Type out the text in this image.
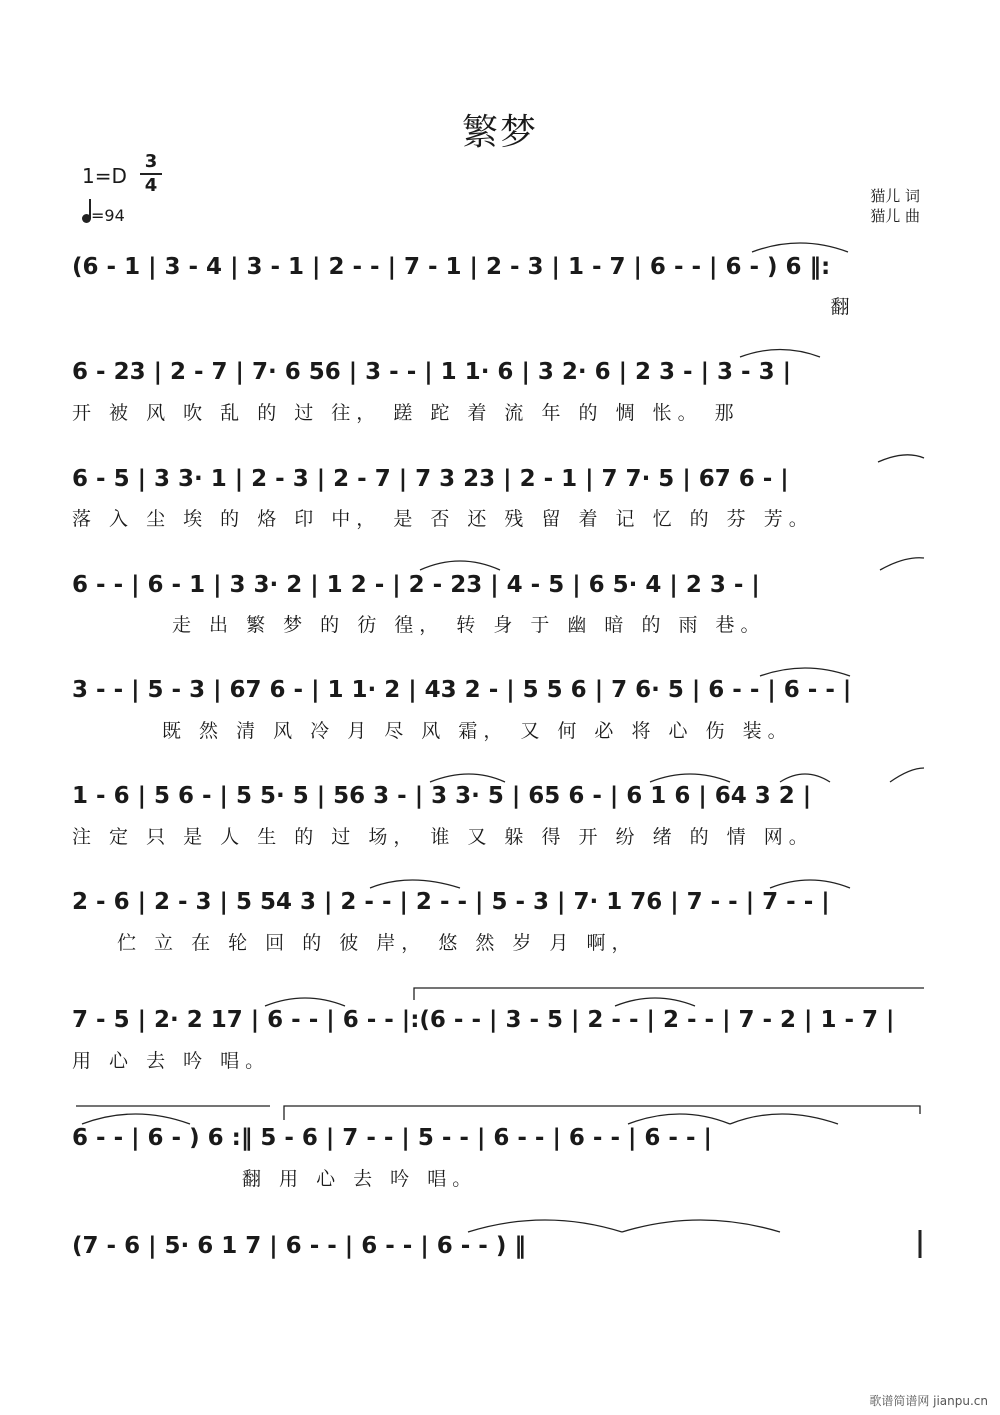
繁梦
1=D
3
4
=94
猫儿 词
猫儿 曲
(6 - 1 | 3 - 4 | 3 - 1 | 2 - - | 7 - 1 | 2 - 3 | 1 - 7 | 6 - - | 6 - ) 6 ‖:
翻
6 - 23 | 2 - 7 | 7· 6 56 | 3 - - | 1 1· 6 | 3 2· 6 | 2 3 - | 3 - 3 |
开 被 风 吹 乱 的 过 往， 蹉 跎 着 流 年 的 惆 怅。 那
6 - 5 | 3 3· 1 | 2 - 3 | 2 - 7 | 7 3 23 | 2 - 1 | 7 7· 5 | 67 6 - |
落 入 尘 埃 的 烙 印 中， 是 否 还 残 留 着 记 忆 的 芬 芳。
6 - - | 6 - 1 | 3 3· 2 | 1 2 - | 2 - 23 | 4 - 5 | 6 5· 4 | 2 3 - |
走 出 繁 梦 的 彷 徨， 转 身 于 幽 暗 的 雨 巷。
3 - - | 5 - 3 | 67 6 - | 1 1· 2 | 43 2 - | 5 5 6 | 7 6· 5 | 6 - - | 6 - - |
既 然 清 风 冷 月 尽 风 霜， 又 何 必 将 心 伤 装。
1 - 6 | 5 6 - | 5 5· 5 | 56 3 - | 3 3· 5 | 65 6 - | 6 1 6 | 64 3 2 |
注 定 只 是 人 生 的 过 场， 谁 又 躲 得 开 纷 绪 的 情 网。
2 - 6 | 2 - 3 | 5 54 3 | 2 - - | 2 - - | 5 - 3 | 7· 1 76 | 7 - - | 7 - - |
伫 立 在 轮 回 的 彼 岸， 悠 然 岁 月 啊，
7 - 5 | 2· 2 17 | 6 - - | 6 - - |:(6 - - | 3 - 5 | 2 - - | 2 - - | 7 - 2 | 1 - 7 |
用 心 去 吟 唱。
6 - - | 6 - ) 6 :‖ 5 - 6 | 7 - - | 5 - - | 6 - - | 6 - - | 6 - - |
翻 用 心 去 吟 唱。
(7 - 6 | 5· 6 1 7 | 6 - - | 6 - - | 6 - - ) ‖
歌谱简谱网 jianpu.cn
